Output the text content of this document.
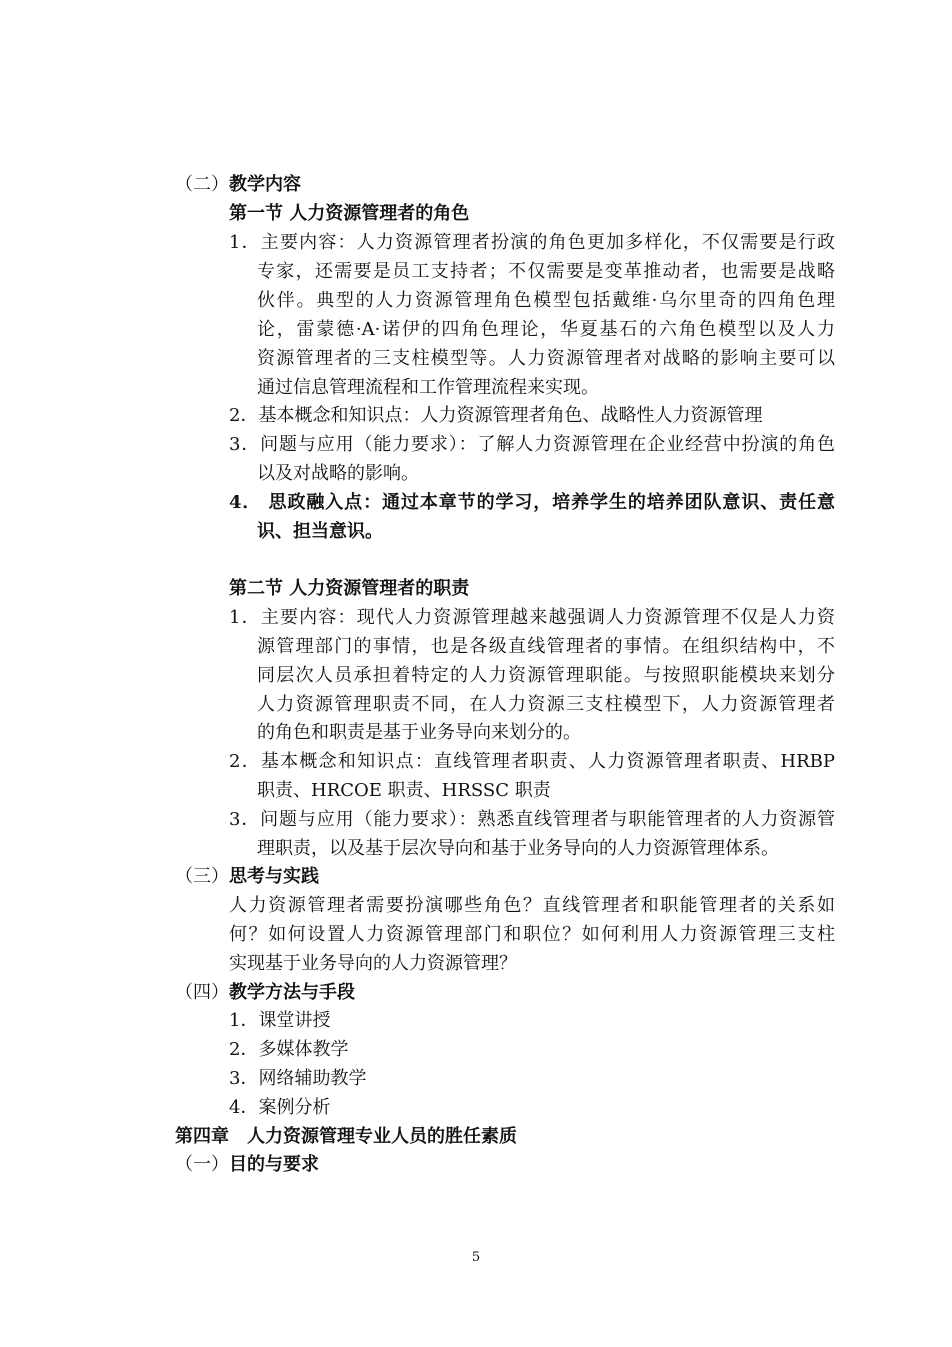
（二）教学内容
第一节 人力资源管理者的角色
1．主要内容：人力资源管理者扮演的角色更加多样化，不仅需要是行政
专家，还需要是员工支持者；不仅需要是变革推动者，也需要是战略
伙伴。典型的人力资源管理角色模型包括戴维·乌尔里奇的四角色理
论，雷蒙德·A·诺伊的四角色理论，华夏基石的六角色模型以及人力
资源管理者的三支柱模型等。人力资源管理者对战略的影响主要可以
通过信息管理流程和工作管理流程来实现。
2．基本概念和知识点：人力资源管理者角色、战略性人力资源管理
3．问题与应用（能力要求）：了解人力资源管理在企业经营中扮演的角色
以及对战略的影响。
4． 思政融入点：通过本章节的学习，培养学生的培养团队意识、责任意
识、担当意识。
第二节 人力资源管理者的职责
1．主要内容：现代人力资源管理越来越强调人力资源管理不仅是人力资
源管理部门的事情，也是各级直线管理者的事情。在组织结构中，不
同层次人员承担着特定的人力资源管理职能。与按照职能模块来划分
人力资源管理职责不同，在人力资源三支柱模型下，人力资源管理者
的角色和职责是基于业务导向来划分的。
2．基本概念和知识点：直线管理者职责、人力资源管理者职责、HRBP
职责、HRCOE 职责、HRSSC 职责
3．问题与应用（能力要求）：熟悉直线管理者与职能管理者的人力资源管
理职责，以及基于层次导向和基于业务导向的人力资源管理体系。
（三）思考与实践
人力资源管理者需要扮演哪些角色？直线管理者和职能管理者的关系如
何？如何设置人力资源管理部门和职位？如何利用人力资源管理三支柱
实现基于业务导向的人力资源管理？
（四）教学方法与手段
1．课堂讲授
2．多媒体教学
3．网络辅助教学
4．案例分析
第四章　人力资源管理专业人员的胜任素质
（一）目的与要求
5
